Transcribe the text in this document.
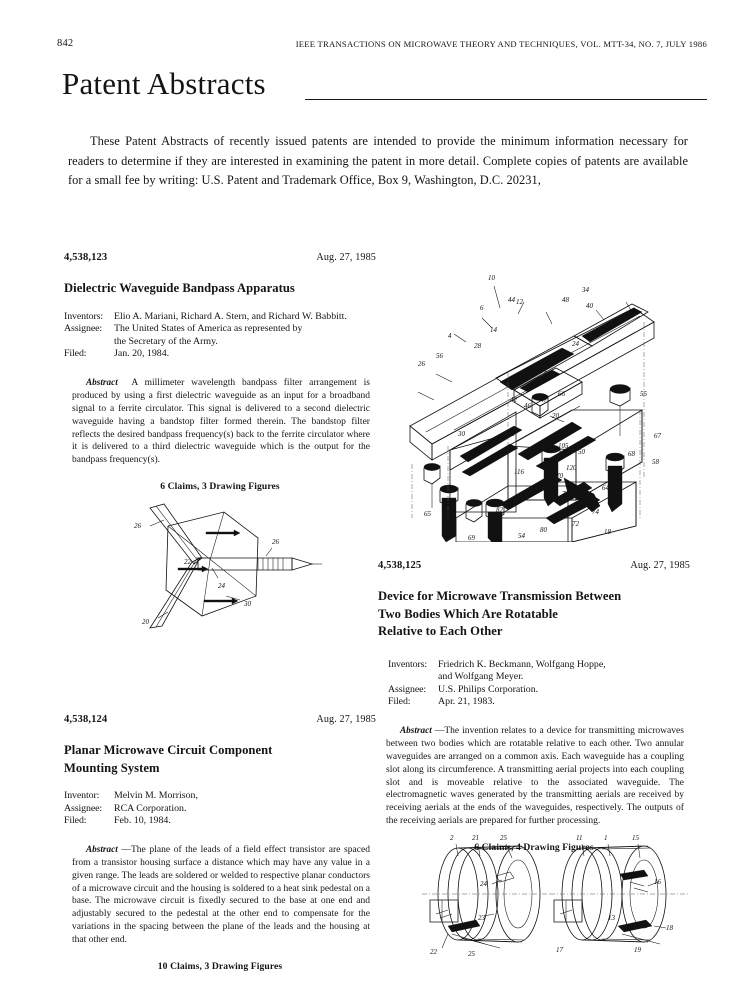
842	IEEE TRANSACTIONS ON MICROWAVE THEORY AND TECHNIQUES, VOL. MTT-34, NO. 7, JULY 1986
Patent Abstracts
These Patent Abstracts of recently issued patents are intended to provide the minimum information necessary for readers to determine if they are interested in examining the patent in more detail. Complete copies of patents are available for a small fee by writing: U.S. Patent and Trademark Office, Box 9, Washington, D.C. 20231,
4,538,123	Aug. 27, 1985
Dielectric Waveguide Bandpass Apparatus
Inventors:	Elio A. Mariani, Richard A. Stern, and Richard W. Babbitt.
Assignee:	The United States of America as represented by
the Secretary of the Army.
Filed:	Jan. 20, 1984.
Abstract A millimeter wavelength bandpass filter arrangement is produced by using a first dielectric waveguide as an input for a broadband signal to a ferrite circulator. This signal is delivered to a second dielectric waveguide having a bandstop filter formed therein. The bandstop filter reflects the desired bandpass frequency(s) back to the ferrite circulator where it is delivered to a third dielectric waveguide which is the output for the bandpass frequency(s).
6 Claims, 3 Drawing Figures
26
22
20
24
30
26
4,538,124	Aug. 27, 1985
Planar Microwave Circuit Component
Mounting System
Inventor:	Melvin M. Morrison,
Assignee:	RCA Corporation.
Filed:	Feb. 10, 1984.
Abstract —The plane of the leads of a field effect transistor are spaced from a transistor housing surface a distance which may have any value in a given range. The leads are soldered or welded to respective planar conductors of a microwave circuit and the housing is soldered to a heat sink pedestal on a base. The microwave circuit is fixedly secured to the base at one end and adjustably secured to the pedestal at the other end to compensate for the variations in the spacing between the plane of the leads and the housing at that other end.
10 Claims, 3 Drawing Figures
10
12
6
4
14
44	48
40
34
24
28
26
56
42
30
52
46
47
66	55
58
20
21
57	105
50
120
116
62	64
68
67
70
76
74
72
18
80
82
54
69
65
4,538,125	Aug. 27, 1985
Device for Microwave Transmission Between
Two Bodies Which Are Rotatable
Relative to Each Other
Inventors:	Friedrich K. Beckmann, Wolfgang Hoppe,
and Wolfgang Meyer.
Assignee:	U.S. Philips Corporation.
Filed:	Apr. 21, 1983.
Abstract —The invention relates to a device for transmitting microwaves between two bodies which are rotatable relative to each other. Two annular waveguides are arranged on a common axis. Each waveguide has a coupling slot along its circumference. A transmitting aerial projects into each coupling slot and is moveable relative to the associated waveguide. The electromagnetic waves generated by the transmitting aerials are received by receiving aerials at the ends of the waveguides, respectively. The outputs of the receiving aerials are prepared for further processing.
6 Claims, 4 Drawing Figures
2	21	25	11	1	15
24
23
22	25	17
13
16
18
19
